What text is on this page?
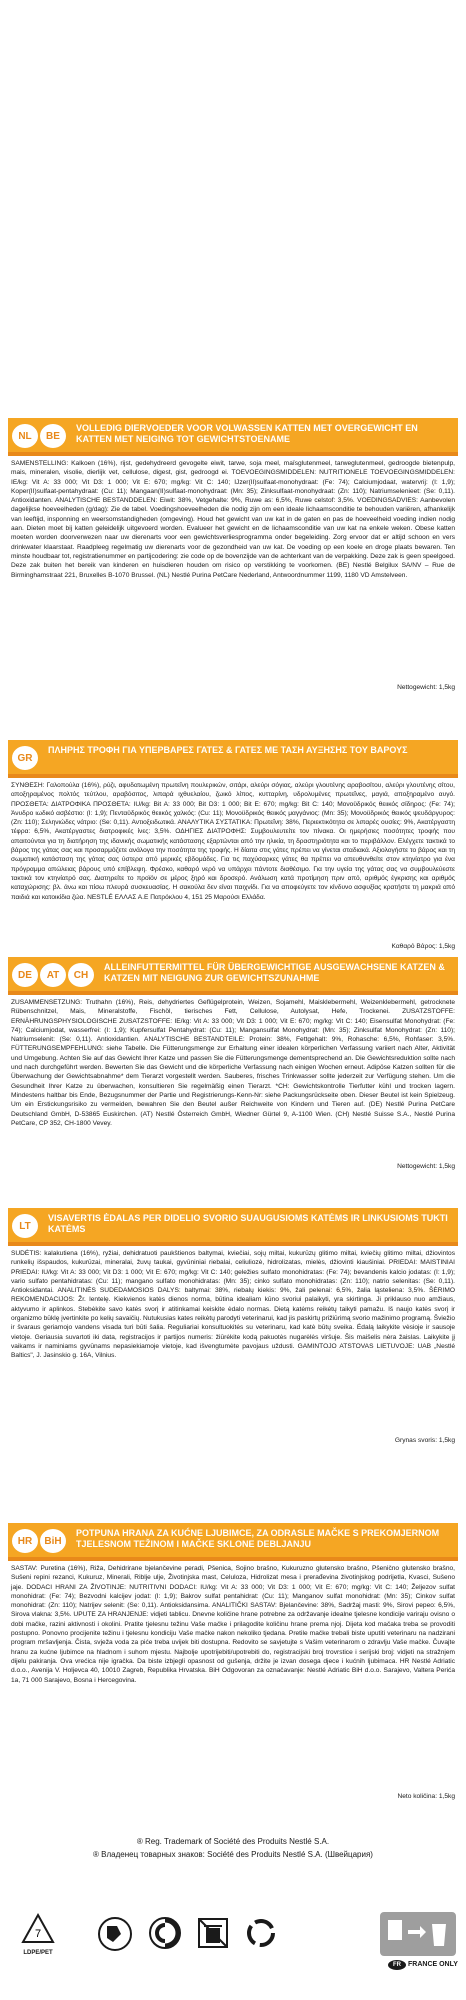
NL	BE
VOLLEDIG DIERVOEDER VOOR VOLWASSEN KATTEN MET OVERGEWICHT EN KATTEN MET NEIGING TOT GEWICHTSTOENAME
SAMENSTELLING: Kalkoen (16%), rijst, gedehydreerd gevogelte eiwit, tarwe, soja meel, maïsglutenmeel, tarweglutenmeel, gedroogde bietenpulp, mais, mineralen, visolie, dierlijk vet, cellulose, digest, gist, gedroogd ei. TOEVOEGINGSMIDDELEN: NUTRITIONELE TOEVOEGINGSMIDDELEN: IE/kg: Vit A: 33 000; Vit D3: 1 000; Vit E: 670; mg/kg: Vit C: 140; IJzer(II)sulfaat-monohydraat: (Fe: 74); Calciumjodaat, watervrij: (I: 1,9); Koper(II)sulfaat-pentahydraat: (Cu: 11); Mangaan(II)sulfaat-monohydraat: (Mn: 35); Zinksulfaat-monohydraat: (Zn: 110); Natriumselenieet: (Se: 0,11). Antioxidanten. ANALYTISCHE BESTANDDELEN: Eiwit: 38%, Vetgehalte: 9%, Ruwe as: 6,5%, Ruwe celstof: 3,5%. VOEDINGSADVIES: Aanbevolen dagelijkse hoeveelheden (g/dag): Zie de tabel. Voedingshoeveelheden die nodig zijn om een ideale lichaamsconditie te behouden variëren, afhankelijk van leeftijd, insponning en weersomstandigheden (omgeving). Houd het gewicht van uw kat in de gaten en pas de hoeveelheid voeding indien nodig aan. Dieten moet bij katten geleidelijk uitgevoerd worden. Evalueer het gewicht en de lichaamsconditie van uw kat na enkele weken. Obese katten moeten worden doorverwezen naar uw dierenarts voor een gewichtsverliesprogramma onder begeleiding. Zorg ervoor dat er altijd schoon en vers drinkwater klaarstaat. Raadpleeg regelmatig uw dierenarts voor de gezondheid van uw kat. De voeding op een koele en droge plaats bewaren. Ten minste houdbaar tot, registratienummer en partijcodering: zie code op de bovenzijde van de achterkant van de verpakking. Deze zak is geen speelgoed. Deze zak buiten het bereik van kinderen en huisdieren houden om risico op verstikking te voorkomen. (BE) Nestlé Belgilux SA/NV – Rue de Birminghamstraat 221, Bruxelles B-1070 Brussel. (NL) Nestlé Purina PetCare Nederland, Antwoordnummer 1199, 1180 VD Amstelveen.
Nettogewicht: 1,5kg
GR
ΠΛΗΡΗΣ ΤΡΟΦΗ ΓΙΑ ΥΠΕΡΒΑΡΕΣ ΓΑΤΕΣ & ΓΑΤΕΣ ΜΕ ΤΑΣΗ ΑΥΞΗΣΗΣ ΤΟΥ ΒΑΡΟΥΣ
ΣΥΝΘΕΣΗ: Γαλοπούλα (16%), ρύζι, αφυδατωμένη πρωτεΐνη πουλερικών, σιτάρι, αλεύρι σόγιας, αλεύρι γλουτένης αραβοσίτου, αλεύρι γλουτένης σίτου, αποξηραμένος πολτός τεύτλου, αραβόσιτος, λιπαρά ιχθυελαίου, ζωικό λίπος, κυτταρίνη, υδρολυμένες πρωτεΐνες, μαγιά, αποξηραμένο αυγό. ΠΡΟΣΘΕΤΑ: ΔΙΑΤΡΟΦΙΚΑ ΠΡΟΣΘΕΤΑ: IU/kg: Bit A: 33 000; Bit D3: 1 000; Bit E: 670; mg/kg: Bit C: 140; Μονοϋδρικός θειικός σίδηρος: (Fe: 74); Άνυδρο ιωδικό ασβέστιο: (I: 1,9); Πενταϋδρικός θειικός χαλκός: (Cu: 11); Μονοϋδρικός θειικός μαγγάνιος: (Mn: 35); Μονοϋδρικός θειικός ψευδάργυρος: (Zn: 110); Σεληνιώδες νάτριο: (Se: 0,11). Αντιοξειδωτικά. ΑΝΑΛΥΤΙΚΑ ΣΥΣΤΑΤΙΚΑ: Πρωτεΐνη: 38%, Περιεκτικότητα σε λιπαρές ουσίες: 9%, Ακατέργαστη τέφρα: 6,5%, Ακατέργαστες διατροφικές ίνες: 3,5%. ΟΔΗΓΙΕΣ ΔΙΑΤΡΟΦΗΣ: Συμβουλευτείτε τον πίνακα. Οι ημερήσιες ποσότητες τροφής που απαιτούνται για τη διατήρηση της ιδανικής σωματικής κατάστασης εξαρτώνται από την ηλικία, τη δραστηριότητα και το περιβάλλον. Ελέγχετε τακτικά το βάρος της γάτας σας και προσαρμόζετε ανάλογα την ποσότητα της τροφής. Η δίαιτα στις γάτες πρέπει να γίνεται σταδιακά. Αξιολογήστε το βάρος και τη σωματική κατάσταση της γάτας σας ύστερα από μερικές εβδομάδες. Για τις παχύσαρκες γάτες θα πρέπει να απευθυνθείτε στον κτηνίατρο για ένα πρόγραμμα απώλειας βάρους υπό επίβλεψη. Φρέσκο, καθαρό νερό να υπάρχει πάντοτε διαθέσιμο. Για την υγεία της γάτας σας να συμβουλεύεστε τακτικά τον κτηνίατρό σας. Διατηρείτε το προϊόν σε μέρος ξηρό και δροσερό. Ανάλωση κατά προτίμηση πριν από, αριθμός έγκρισης και αριθμός καταχώρισης: βλ. άνω και πίσω πλευρά συσκευασίας. Η σακούλα δεν είναι παιχνίδι. Για να αποφεύγετε τον κίνδυνο ασφυξίας κρατήστε τη μακριά από παιδιά και κατοικίδια ζώα. NESTLÉ ΕΛΛΑΣ Α.Ε Πατρόκλου 4, 151 25 Μαρούσι Ελλάδα.
Καθαρό Βάρος: 1,5kg
DE	AT	CH
ALLEINFUTTERMITTEL FÜR ÜBERGEWICHTIGE AUSGEWACHSENE KATZEN & KATZEN MIT NEIGUNG ZUR GEWICHTSZUNAHME
ZUSAMMENSETZUNG: Truthahn (16%), Reis, dehydriertes Geflügelprotein, Weizen, Sojamehl, Maisklebermehl, Weizenklebermehl, getrocknete Rübenschnitzel, Mais, Mineralstoffe, Fischöl, tierisches Fett, Cellulose, Autolysat, Hefe, Trockenei. ZUSATZSTOFFE: ERNÄHRUNGSPHYSIOLOGISCHE ZUSATZSTOFFE: IE/kg: Vit A: 33 000; Vit D3: 1 000; Vit E: 670; mg/kg: Vit C: 140; Eisensulfat Monohydrat: (Fe: 74); Calciumjodat, wasserfrei: (I: 1,9); Kupfersulfat Pentahydrat: (Cu: 11); Mangansulfat Monohydrat: (Mn: 35); Zinksulfat Monohydrat: (Zn: 110); Natriumselenit: (Se: 0,11). Antioxidantien. ANALYTISCHE BESTANDTEILE: Protein: 38%, Fettgehalt: 9%, Rohasche: 6,5%, Rohfaser: 3,5%. FÜTTERUNGSEMPFEHLUNG: siehe Tabelle. Die Fütterungsmenge zur Erhaltung einer idealen körperlichen Verfassung variiert nach Alter, Aktivität und Umgebung. Achten Sie auf das Gewicht Ihrer Katze und passen Sie die Fütterungsmenge dementsprechend an. Die Gewichtsreduktion sollte nach und nach durchgeführt werden. Bewerten Sie das Gewicht und die körperliche Verfassung nach einigen Wochen erneut. Adipöse Katzen sollten für die Überwachung der Gewichtsabnahme* dem Tierarzt vorgestellt werden. Sauberes, frisches Trinkwasser sollte jederzeit zur Verfügung stehen. Um die Gesundheit Ihrer Katze zu überwachen, konsultieren Sie regelmäßig einen Tierarzt. *CH: Gewichtskontrolle Tierfutter kühl und trocken lagern. Mindestens haltbar bis Ende, Bezugsnummer der Partie und Registrierungs-Kenn-Nr: siehe Packungsrückseite oben. Dieser Beutel ist kein Spielzeug. Um ein Erstickungsrisiko zu vermeiden, bewahren Sie den Beutel außer Reichweite von Kindern und Tieren auf. (DE) Nestlé Purina PetCare Deutschland GmbH, D-53865 Euskirchen. (AT) Nestlé Österreich GmbH, Wiedner Gürtel 9, A-1100 Wien. (CH) Nestlé Suisse S.A., Nestlé Purina PetCare, CP 352, CH-1800 Vevey.
Nettogewicht: 1,5kg
LT
VISAVERTIS ĖDALAS PER DIDELIO SVORIO SUAUGUSIOMS KATĖMS IR LINKUSIOMS TUKTI KATĖMS
SUDĖTIS: kalakutiena (16%), ryžiai, dehidratuoti paukštienos baltymai, kviečiai, sojų miltai, kukurūzų glitimo miltai, kviečių glitimo miltai, džiovintos runkelių išspaudos, kukurūzai, mineralai, žuvų taukai, gyvūniniai riebalai, celiuliozė, hidrolizatas, mielės, džiovinti kiaušiniai. PRIEDAI: MAISTINIAI PRIEDAI: IU/kg: Vit A: 33 000; Vit D3: 1 000; Vit E: 670; mg/kg: Vit C: 140; geležies sulfato monohidratas: (Fe: 74); bevandenis kalcio jodatas: (I: 1,9); vario sulfato pentahidratas: (Cu: 11); mangano sulfato monohidratas: (Mn: 35); cinko sulfato monohidratas: (Zn: 110); natrio selenitas: (Se: 0,11). Antioksidantai. ANALITINĖS SUDEDAMOSIOS DALYS: baltymai: 38%, riebalų kiekis: 9%, žali pelenai: 6,5%, žalia ląsteliena: 3,5%. ŠĖRIMO REKOMENDACIJOS: Žr. lentelę. Kiekvienos katės dienos norma, būtina idealiam kūno svoriui palaikyti, yra skirtinga. Ji priklauso nuo amžiaus, aktyvumo ir aplinkos. Stebėkite savo katės svorį ir atitinkamai keiskite ėdalo normas. Dietą katėms reikėtų taikyti pamažu. Iš naujo katės svorį ir organizmo būklę įvertinkite po kelių savaičių. Nutukusias kates reikėtų parodyti veterinarui, kad jis paskirtų prižiūrimą svorio mažinimo programą. Šviežio ir švaraus geriamojo vandens visada turi būti šalia. Reguliariai konsultuokitės su veterinaru, kad katė būtų sveika. Ėdalą laikykite vėsioje ir sausoje vietoje. Geriausia suvartoti iki data, registracijos ir partijos numeris: žiūrėkite kodą pakuotės nugarėlės viršuje. Šis maišelis nėra žaislas. Laikykite jį vaikams ir naminiams gyvūnams nepasiekiamoje vietoje, kad išvengtumėte pavojaus uždusti. GAMINTOJO ATSTOVAS LIETUVOJE: UAB „Nestlé Baltics", J. Jasinskio g. 16A, Vilnius.
Grynas svoris: 1,5kg
HR	BiH
POTPUNA HRANA ZA KUĆNE LJUBIMCE, ZA ODRASLE MAČKE S PREKOMJERNOM TJELESNOM TEŽINOM I MAČKE SKLONE DEBLJANJU
SASTAV: Puretina (16%), Riža, Dehidrirane bjelančevine peradi, Pšenica, Sojino brašno, Kukuruzno glutensko brašno, Pšenično glutensko brašno, Sušeni repini rezanci, Kukuruz, Minerali, Riblje ulje, Životinjska mast, Celuloza, Hidrolizat mesa i prerađevina životinjskog podrijetla, Kvasci, Sušeno jaje. DODACI HRANI ZA ŽIVOTINJE: NUTRITIVNI DODACI: IU/kg: Vit A: 33 000; Vit D3: 1 000; Vit E: 670; mg/kg: Vit C: 140; Željezov sulfat monohidrat: (Fe: 74); Bezvodni kalcijev jodat: (I: 1,9); Bakrov sulfat pentahidrat: (Cu: 11); Manganov sulfat monohidrat: (Mn: 35); Cinkov sulfat monohidrat: (Zn: 110); Natrijev selenit: (Se: 0,11). Antioksidansima. ANALITIČKI SASTAV: Bjelančevine: 38%, Sadržaj masti: 9%, Sirovi pepeo: 6,5%, Sirova vlakna: 3,5%. UPUTE ZA HRANJENJE: vidjeti tablicu. Dnevne količine hrane potrebne za održavanje idealne tjelesne kondicije variraju ovisno o dobi mačke, razini aktivnosti i okolini. Pratite tjelesnu težinu Vaše mačke i prilagodite količinu hrane prema njoj. Dijeta kod mačaka treba se provoditi postupno. Ponovno procijenite težinu i tjelesnu kondiciju Vaše mačke nakon nekoliko tjedana. Pretile mačke trebali biste uputiti veterinaru na nadzirani program mršavljenja. Čista, svježa voda za piće treba uvijek biti dostupna. Redovito se savjetujte s Vašim veterinarom o zdravlju Vaše mačke. Čuvajte hranu za kućne ljubimce na hladnom i suhom mjestu. Najbolje upotrijebiti/upotrebiti do, registracijski broj trovrstice i serijski broj: vidjeti na stražnjem dijelu pakiranja. Ova vrećica nije igračka. Da biste izbjegli opasnost od gušenja, držite je izvan dosega djece i kućnih ljubimaca. HR Nestlé Adriatic d.o.o., Avenija V. Holjevca 40, 10010 Zagreb, Republika Hrvatska. BiH Odgovoran za označavanje: Nestlé Adriatic BiH d.o.o. Sarajevo, Valtera Perića 1a, 71 000 Sarajevo, Bosna i Hercegovina.
Neto količina: 1,5kg
® Reg. Trademark of Société des Produits Nestlé S.A.
® Владенец товарных знаков: Société des Produits Nestlé S.A. (Швейцария)
7
LDPE/PET
FR	FRANCE ONLY
